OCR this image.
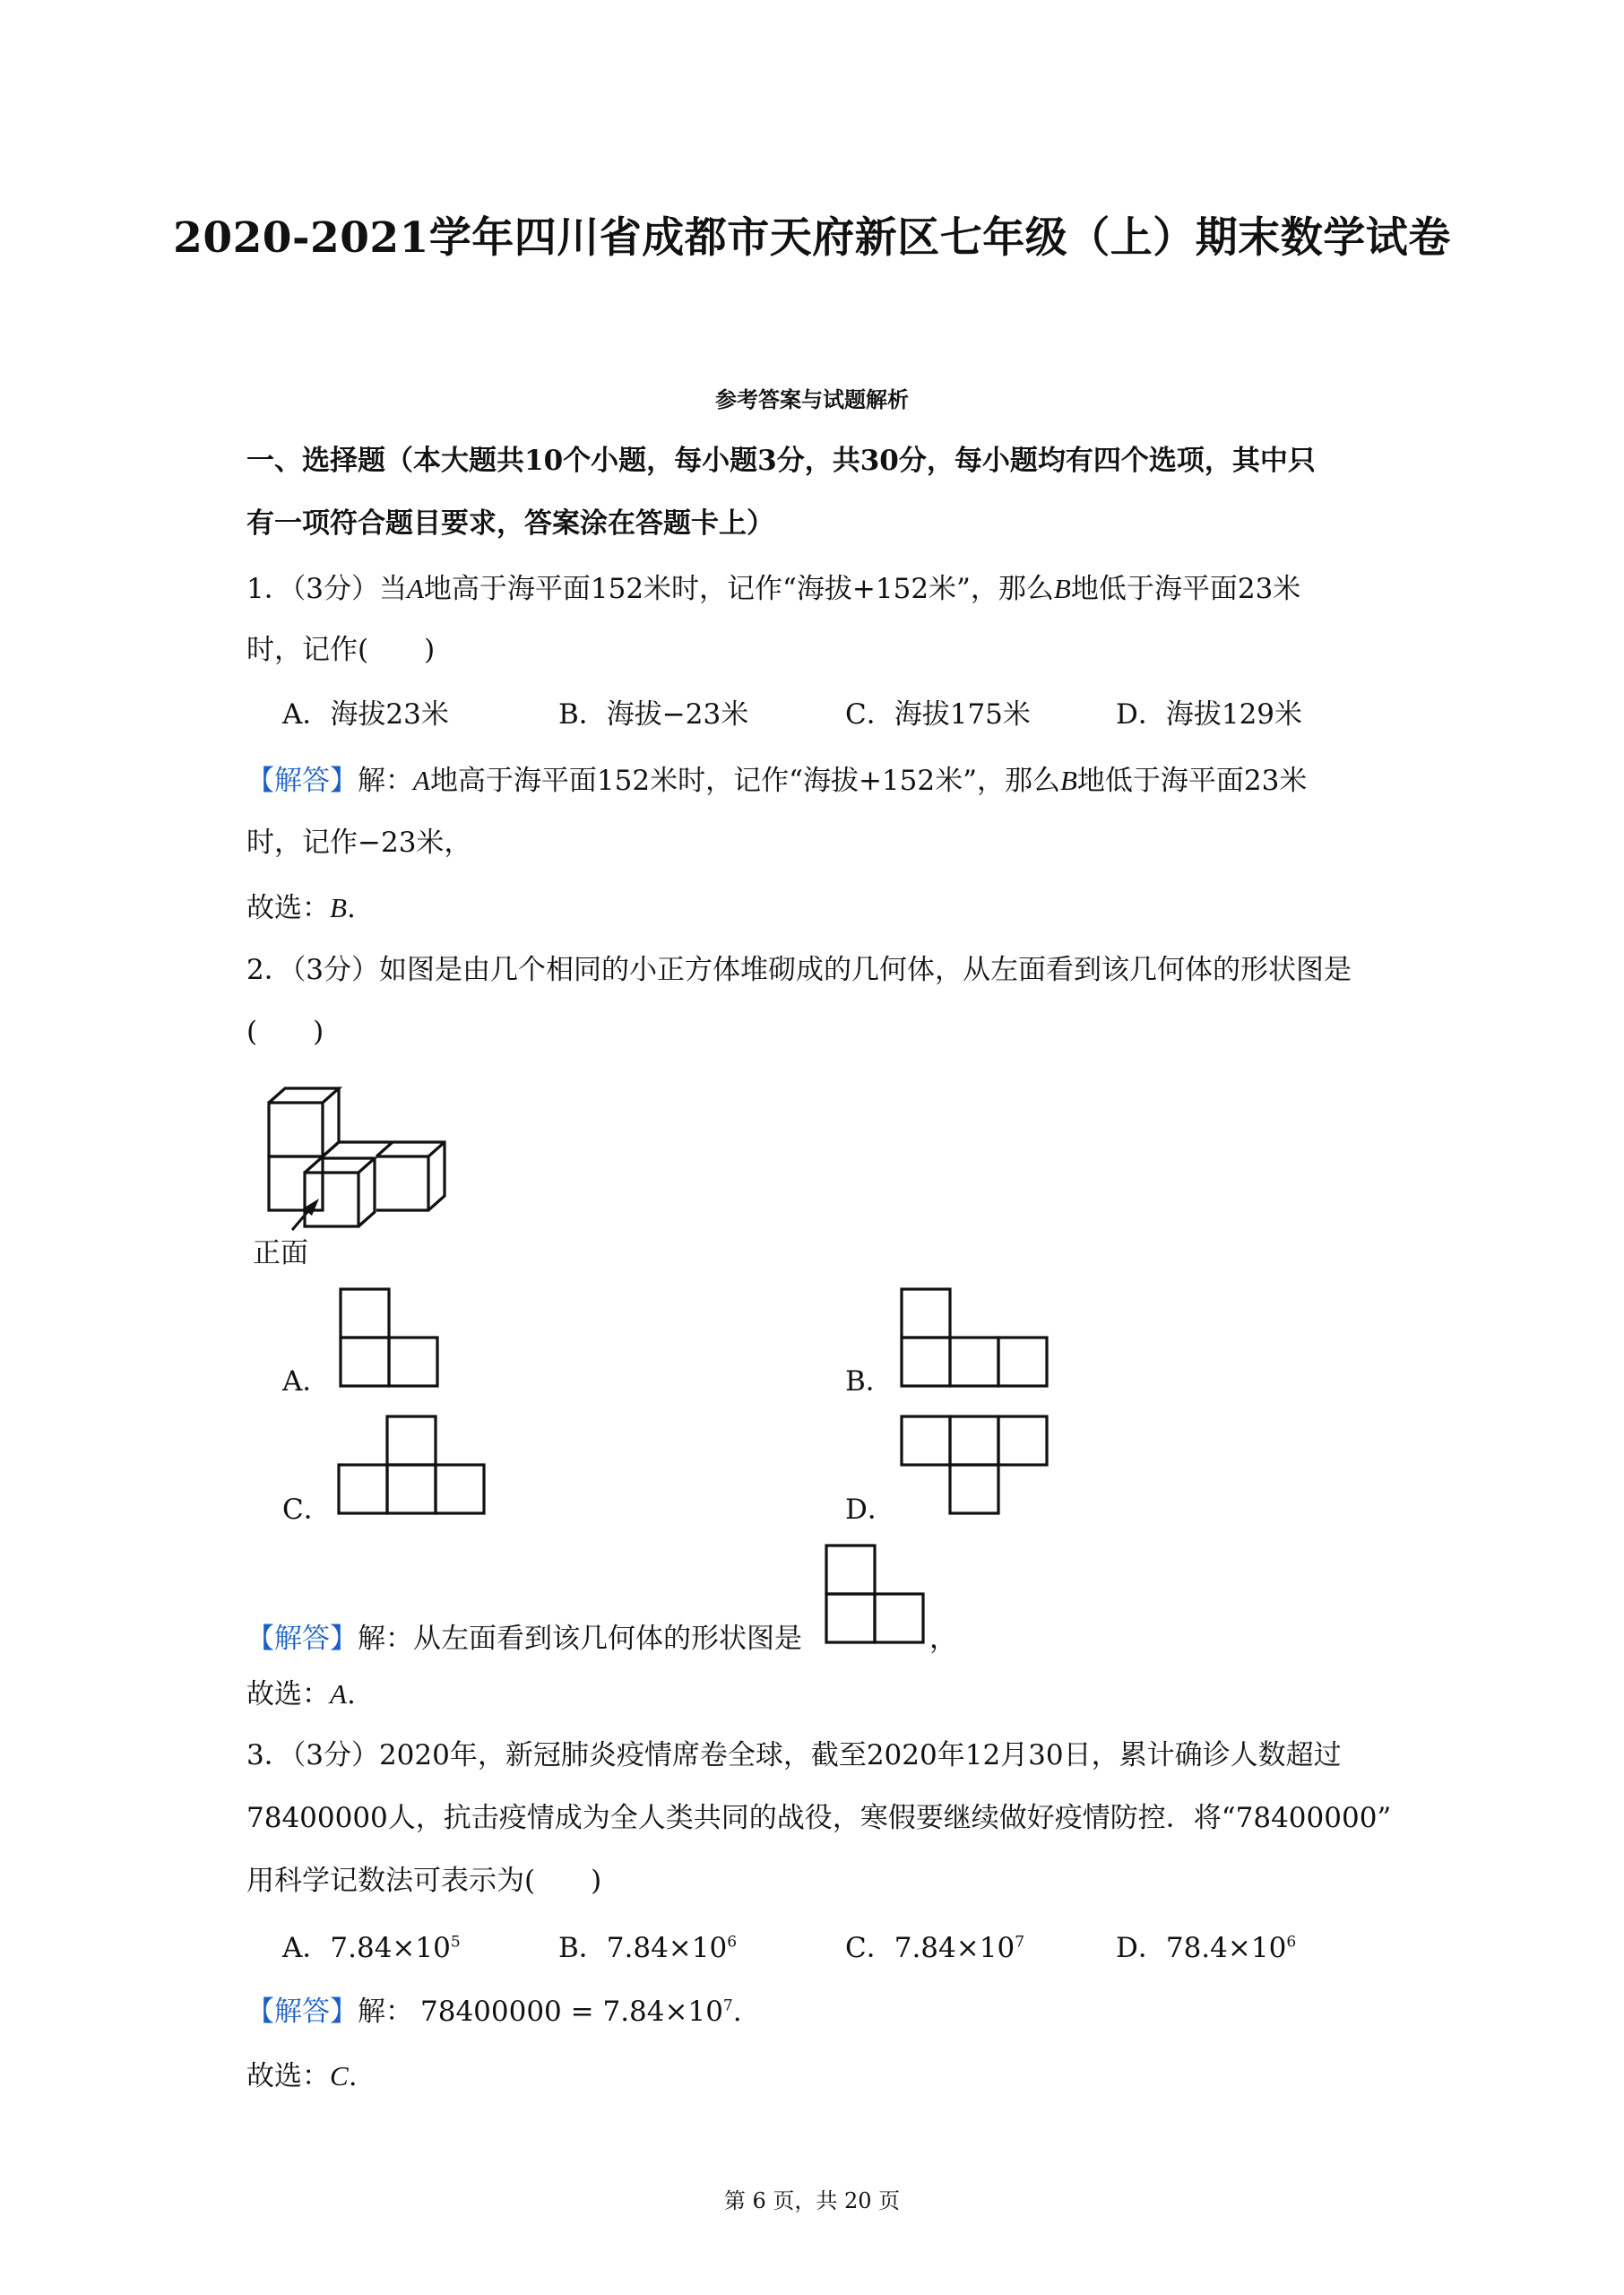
2020-2021学年四川省成都市天府新区七年级（上）期末数学试卷
参考答案与试题解析
一、选择题（本大题共10个小题，每小题3分，共30分，每小题均有四个选项，其中只
有一项符合题目要求，答案涂在答题卡上）
1．（3分）当A地高于海平面152米时，记作“海拔+152米”，那么B地低于海平面23米
时，记作(　　)
A．海拔23米	B．海拔−23米	C．海拔175米	D．海拔129米
【解答】解：A地高于海平面152米时，记作“海拔+152米”，那么B地低于海平面23米
时，记作−23米，
故选：B.
2．（3分）如图是由几个相同的小正方体堆砌成的几何体，从左面看到该几何体的形状图是
(　　)
正面
A．	B．
C．	D．
【解答】解：从左面看到该几何体的形状图是	，
故选：A.
3．（3分）2020年，新冠肺炎疫情席卷全球，截至2020年12月30日，累计确诊人数超过
78400000人，抗击疫情成为全人类共同的战役，寒假要继续做好疫情防控．将“78400000”
用科学记数法可表示为(　　)
A．$7.84\times 10^5$	B．$7.84\times 10^6$	C．$7.84\times 10^7$	D．$78.4\times 10^6$
【解答】解： $78400000 = 7.84\times 10^7$.
故选：C.
第 6 页，共 20 页
